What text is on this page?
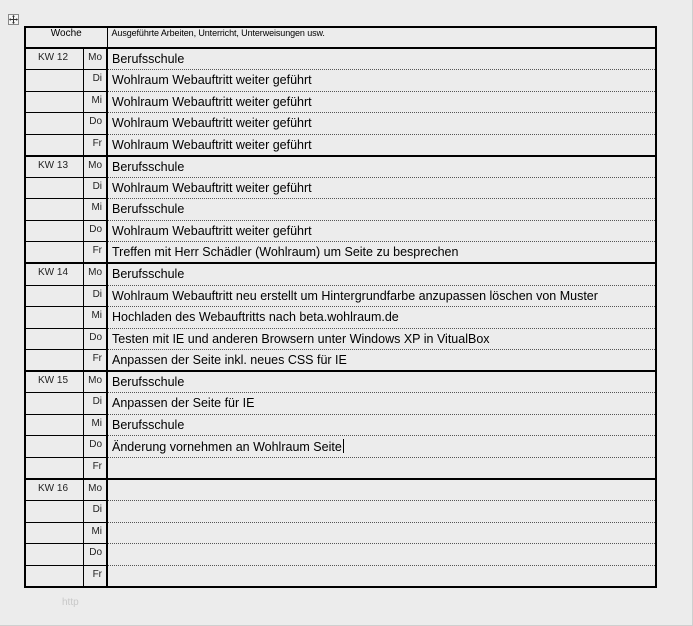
Woche		Ausgeführte Arbeiten, Unterricht, Unterweisungen usw.
KW 12	Mo	Berufsschule
	Di	Wohlraum Webauftritt weiter geführt
	Mi	Wohlraum Webauftritt weiter geführt
	Do	Wohlraum Webauftritt weiter geführt
	Fr	Wohlraum Webauftritt weiter geführt
KW 13	Mo	Berufsschule
	Di	Wohlraum Webauftritt weiter geführt
	Mi	Berufsschule
	Do	Wohlraum Webauftritt weiter geführt
	Fr	Treffen mit Herr Schädler (Wohlraum) um Seite zu besprechen
KW 14	Mo	Berufsschule
	Di	Wohlraum Webauftritt neu erstellt um Hintergrundfarbe anzupassen löschen von Muster
	Mi	Hochladen des Webauftritts nach beta.wohlraum.de
	Do	Testen mit IE und anderen Browsern unter Windows XP in VitualBox
	Fr	Anpassen der Seite inkl. neues CSS für IE
KW 15	Mo	Berufsschule
	Di	Anpassen der Seite für IE
	Mi	Berufsschule
	Do	Änderung vornehmen an Wohlraum Seite
	Fr	
KW 16	Mo	
	Di	
	Mi	
	Do	
	Fr	
http
